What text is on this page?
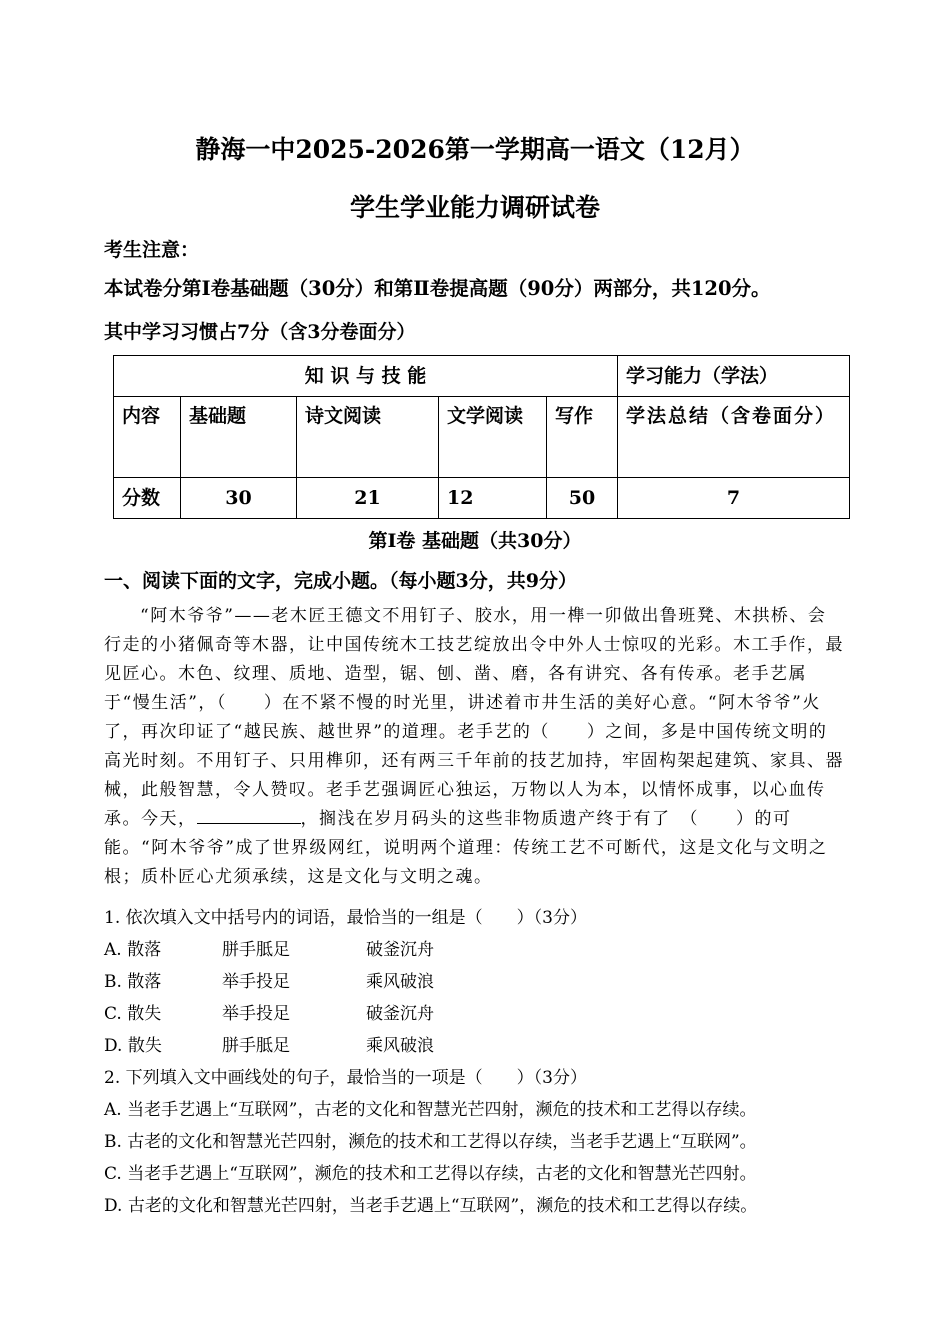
静海一中2025-2026第一学期高一语文（12月）
学生学业能力调研试卷
考生注意：
本试卷分第Ⅰ卷基础题（30分）和第Ⅱ卷提高题（90分）两部分，共120分。
其中学习习惯占7分（含3分卷面分）
知 识 与 技 能					学习能力（学法）
内容	基础题	诗文阅读	文学阅读	写作	学法总结（含卷面分）
分数	30	21	12	50	7
第Ⅰ卷 基础题（共30分）
一、阅读下面的文字，完成小题。（每小题3分，共9分）
“阿木爷爷”——老木匠王德文不用钉子、胶水，用一榫一卯做出鲁班凳、木拱桥、会行走的小猪佩奇等木器，让中国传统木工技艺绽放出令中外人士惊叹的光彩。木工手作，最见匠心。木色、纹理、质地、造型，锯、刨、凿、磨，各有讲究、各有传承。老手艺属于“慢生活”，（　　）在不紧不慢的时光里，讲述着市井生活的美好心意。“阿木爷爷”火了，再次印证了“越民族、越世界”的道理。老手艺的（　　）之间，多是中国传统文明的高光时刻。不用钉子、只用榫卯，还有两三千年前的技艺加持，牢固构架起建筑、家具、器械，此般智慧，令人赞叹。老手艺强调匠心独运，万物以人为本，以情怀成事，以心血传承。今天，	，搁浅在岁月码头的这些非物质遗产终于有了　（　　）的可能。“阿木爷爷”成了世界级网红，说明两个道理：传统工艺不可断代，这是文化与文明之根；质朴匠心尤须承续，这是文化与文明之魂。
1. 依次填入文中括号内的词语，最恰当的一组是（　　）（3分）
A. 散落	胼手胝足	破釜沉舟
B. 散落	举手投足	乘风破浪
C. 散失	举手投足	破釜沉舟
D. 散失	胼手胝足	乘风破浪
2. 下列填入文中画线处的句子，最恰当的一项是（　　）（3分）
A. 当老手艺遇上“互联网”，古老的文化和智慧光芒四射，濒危的技术和工艺得以存续。
B. 古老的文化和智慧光芒四射，濒危的技术和工艺得以存续，当老手艺遇上“互联网”。
C. 当老手艺遇上“互联网”，濒危的技术和工艺得以存续，古老的文化和智慧光芒四射。
D. 古老的文化和智慧光芒四射，当老手艺遇上“互联网”，濒危的技术和工艺得以存续。
